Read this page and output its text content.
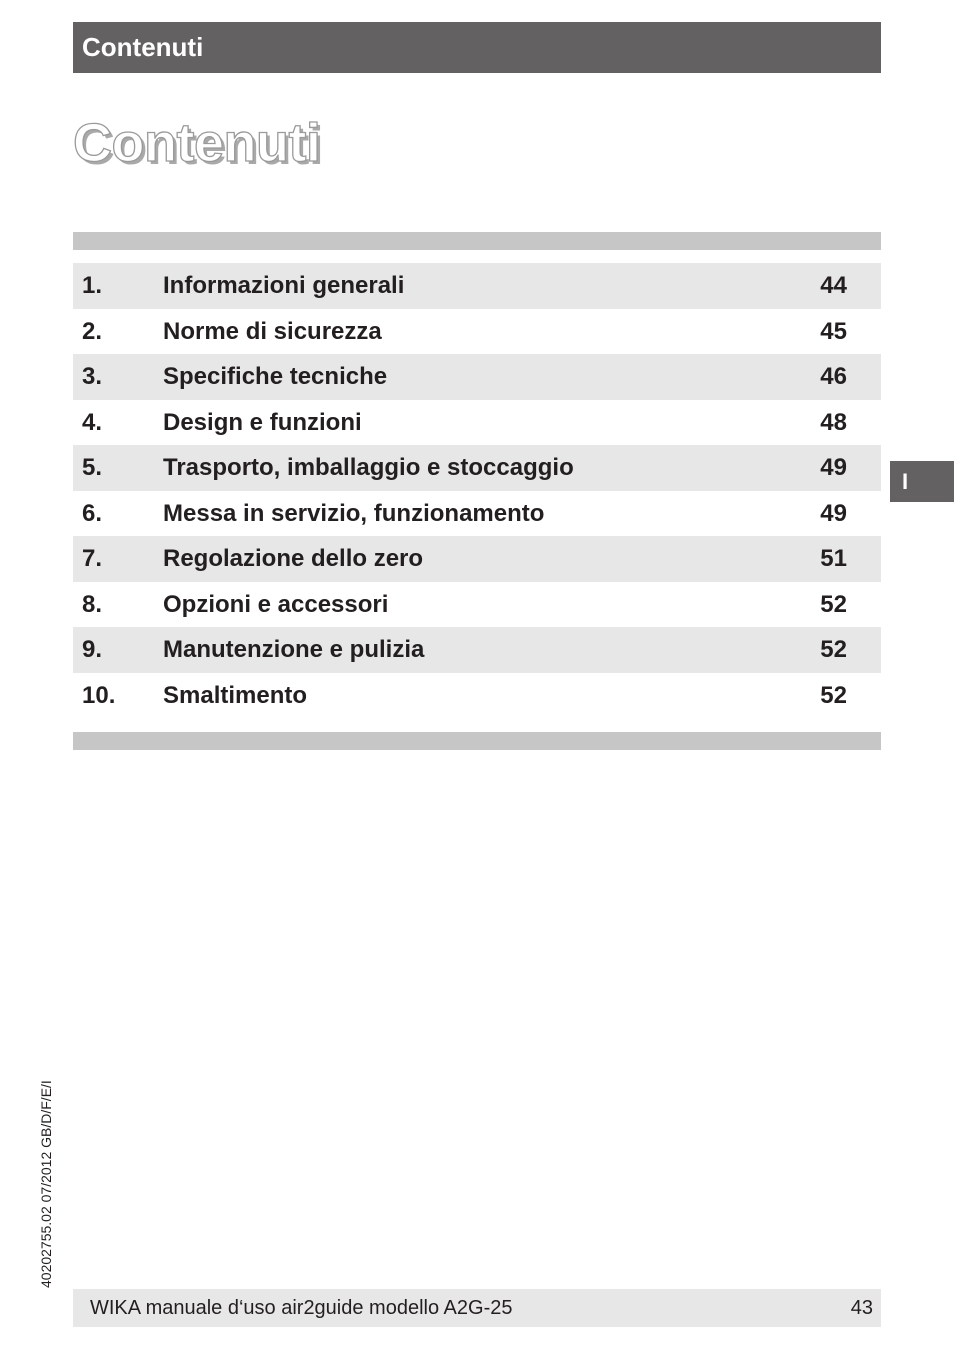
Contenuti
Contenuti
1.	Informazioni generali	44
2.	Norme di sicurezza	45
3.	Specifiche tecniche	46
4.	Design e funzioni	48
5.	Trasporto, imballaggio e stoccaggio	49
6.	Messa in servizio, funzionamento	49
7.	Regolazione dello zero	51
8.	Opzioni e accessori	52
9.	Manutenzione e pulizia	52
10. Smaltimento	52
I
40202755.02 07/2012 GB/D/F/E/I
WIKA manuale d‘uso air2guide modello A2G-25	43
